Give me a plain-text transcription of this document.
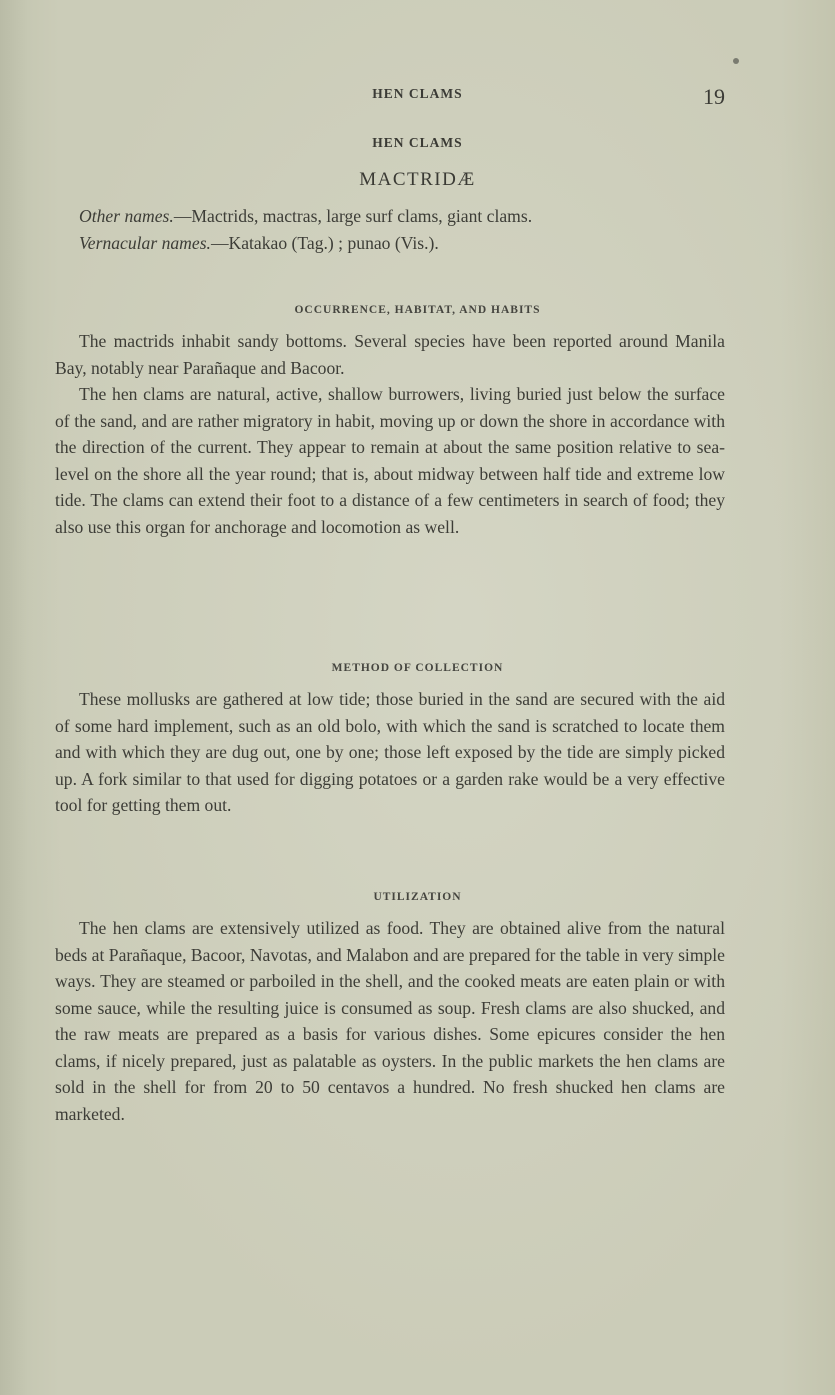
HEN CLAMS	19
HEN CLAMS
MACTRIDÆ

Other names.—Mactrids, mactras, large surf clams, giant clams.

Vernacular names.—Katakao (Tag.) ; punao (Vis.).

OCCURRENCE, HABITAT, AND HABITS

The mactrids inhabit sandy bottoms. Several species have been reported around Manila Bay, notably near Parañaque and Bacoor.

The hen clams are natural, active, shallow burrowers, living buried just below the surface of the sand, and are rather migratory in habit, moving up or down the shore in accordance with the direction of the current. They appear to remain at about the same position relative to sea-level on the shore all the year round; that is, about midway between half tide and extreme low tide. The clams can extend their foot to a distance of a few centimeters in search of food; they also use this organ for anchorage and locomotion as well.

METHOD OF COLLECTION

These mollusks are gathered at low tide; those buried in the sand are secured with the aid of some hard implement, such as an old bolo, with which the sand is scratched to locate them and with which they are dug out, one by one; those left exposed by the tide are simply picked up. A fork similar to that used for digging potatoes or a garden rake would be a very effective tool for getting them out.

UTILIZATION

The hen clams are extensively utilized as food. They are obtained alive from the natural beds at Parañaque, Bacoor, Navotas, and Malabon and are prepared for the table in very simple ways. They are steamed or parboiled in the shell, and the cooked meats are eaten plain or with some sauce, while the resulting juice is consumed as soup. Fresh clams are also shucked, and the raw meats are prepared as a basis for various dishes. Some epicures consider the hen clams, if nicely prepared, just as palatable as oysters. In the public markets the hen clams are sold in the shell for from 20 to 50 centavos a hundred. No fresh shucked hen clams are marketed.
